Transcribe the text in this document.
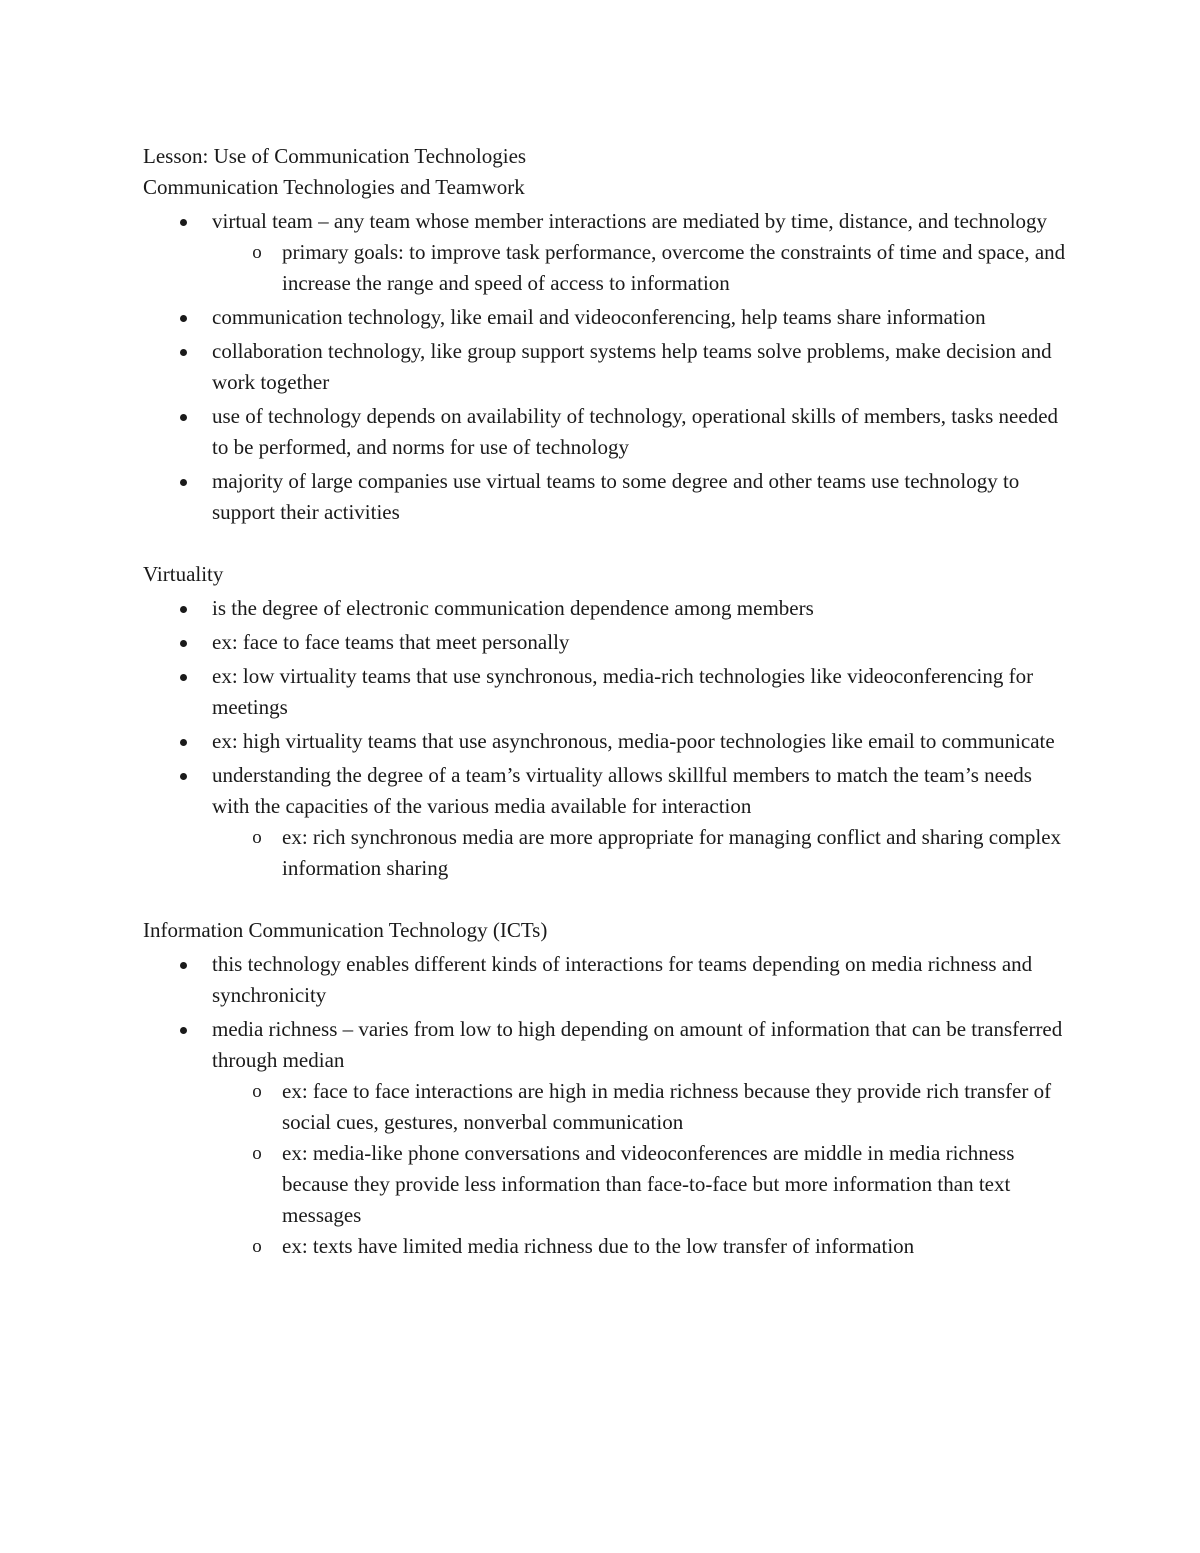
Lesson: Use of Communication Technologies
Communication Technologies and Teamwork
virtual team – any team whose member interactions are mediated by time, distance, and technology
o primary goals: to improve task performance, overcome the constraints of time and space, and increase the range and speed of access to information
communication technology, like email and videoconferencing, help teams share information
collaboration technology, like group support systems help teams solve problems, make decision and work together
use of technology depends on availability of technology, operational skills of members, tasks needed to be performed, and norms for use of technology
majority of large companies use virtual teams to some degree and other teams use technology to support their activities
Virtuality
is the degree of electronic communication dependence among members
ex: face to face teams that meet personally
ex: low virtuality teams that use synchronous, media-rich technologies like videoconferencing for meetings
ex: high virtuality teams that use asynchronous, media-poor technologies like email to communicate
understanding the degree of a team’s virtuality allows skillful members to match the team’s needs with the capacities of the various media available for interaction
o ex: rich synchronous media are more appropriate for managing conflict and sharing complex information sharing
Information Communication Technology (ICTs)
this technology enables different kinds of interactions for teams depending on media richness and synchronicity
media richness – varies from low to high depending on amount of information that can be transferred through median
o ex: face to face interactions are high in media richness because they provide rich transfer of social cues, gestures, nonverbal communication
o ex: media-like phone conversations and videoconferences are middle in media richness because they provide less information than face-to-face but more information than text messages
o ex: texts have limited media richness due to the low transfer of information
